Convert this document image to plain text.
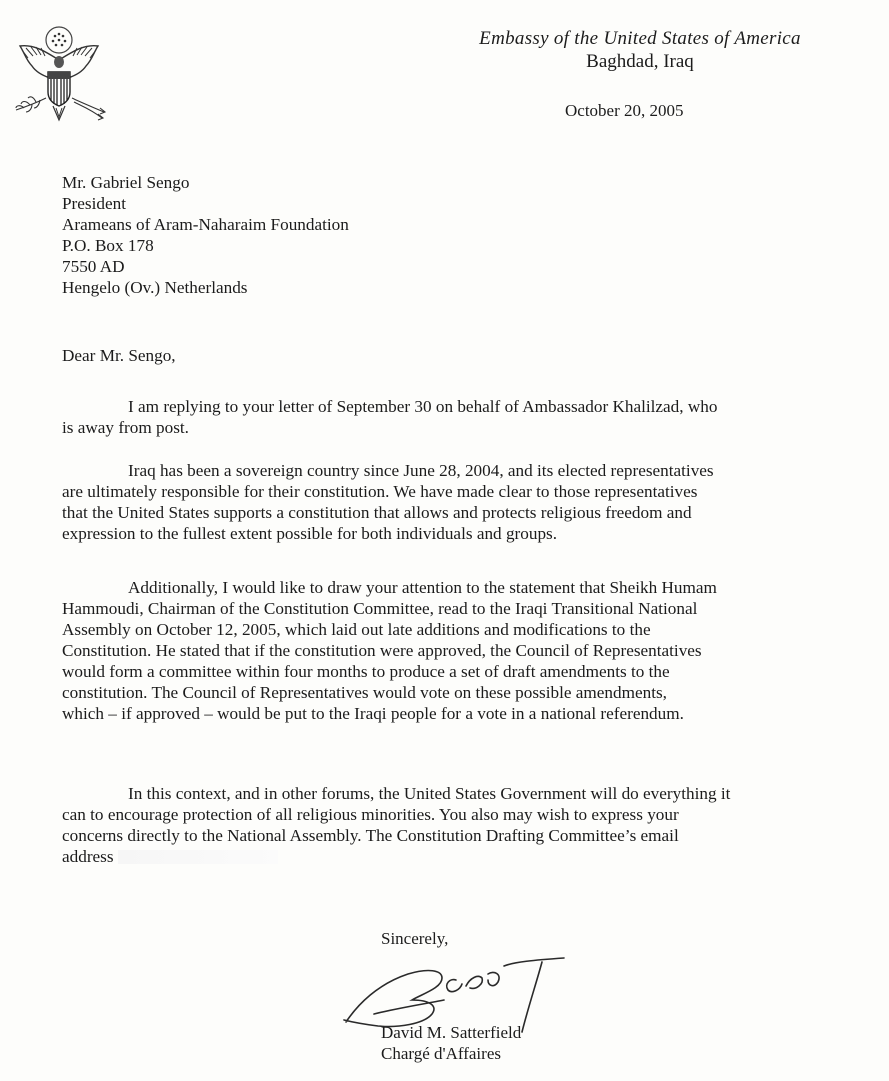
Embassy of the United States of America
Baghdad, Iraq
October 20, 2005
Mr. Gabriel Sengo
President
Arameans of Aram-Naharaim Foundation
P.O. Box 178
7550 AD
Hengelo (Ov.) Netherlands
Dear Mr. Sengo,
I am replying to your letter of September 30 on behalf of Ambassador Khalilzad, who
is away from post.
Iraq has been a sovereign country since June 28, 2004, and its elected representatives
are ultimately responsible for their constitution. We have made clear to those representatives
that the United States supports a constitution that allows and protects religious freedom and
expression to the fullest extent possible for both individuals and groups.
Additionally, I would like to draw your attention to the statement that Sheikh Humam
Hammoudi, Chairman of the Constitution Committee, read to the Iraqi Transitional National
Assembly on October 12, 2005, which laid out late additions and modifications to the
Constitution. He stated that if the constitution were approved, the Council of Representatives
would form a committee within four months to produce a set of draft amendments to the
constitution. The Council of Representatives would vote on these possible amendments,
which – if approved – would be put to the Iraqi people for a vote in a national referendum.
In this context, and in other forums, the United States Government will do everything it
can to encourage protection of all religious minorities. You also may wish to express your
concerns directly to the National Assembly. The Constitution Drafting Committee’s email
address
Sincerely,
David M. Satterfield
Chargé d'Affaires
